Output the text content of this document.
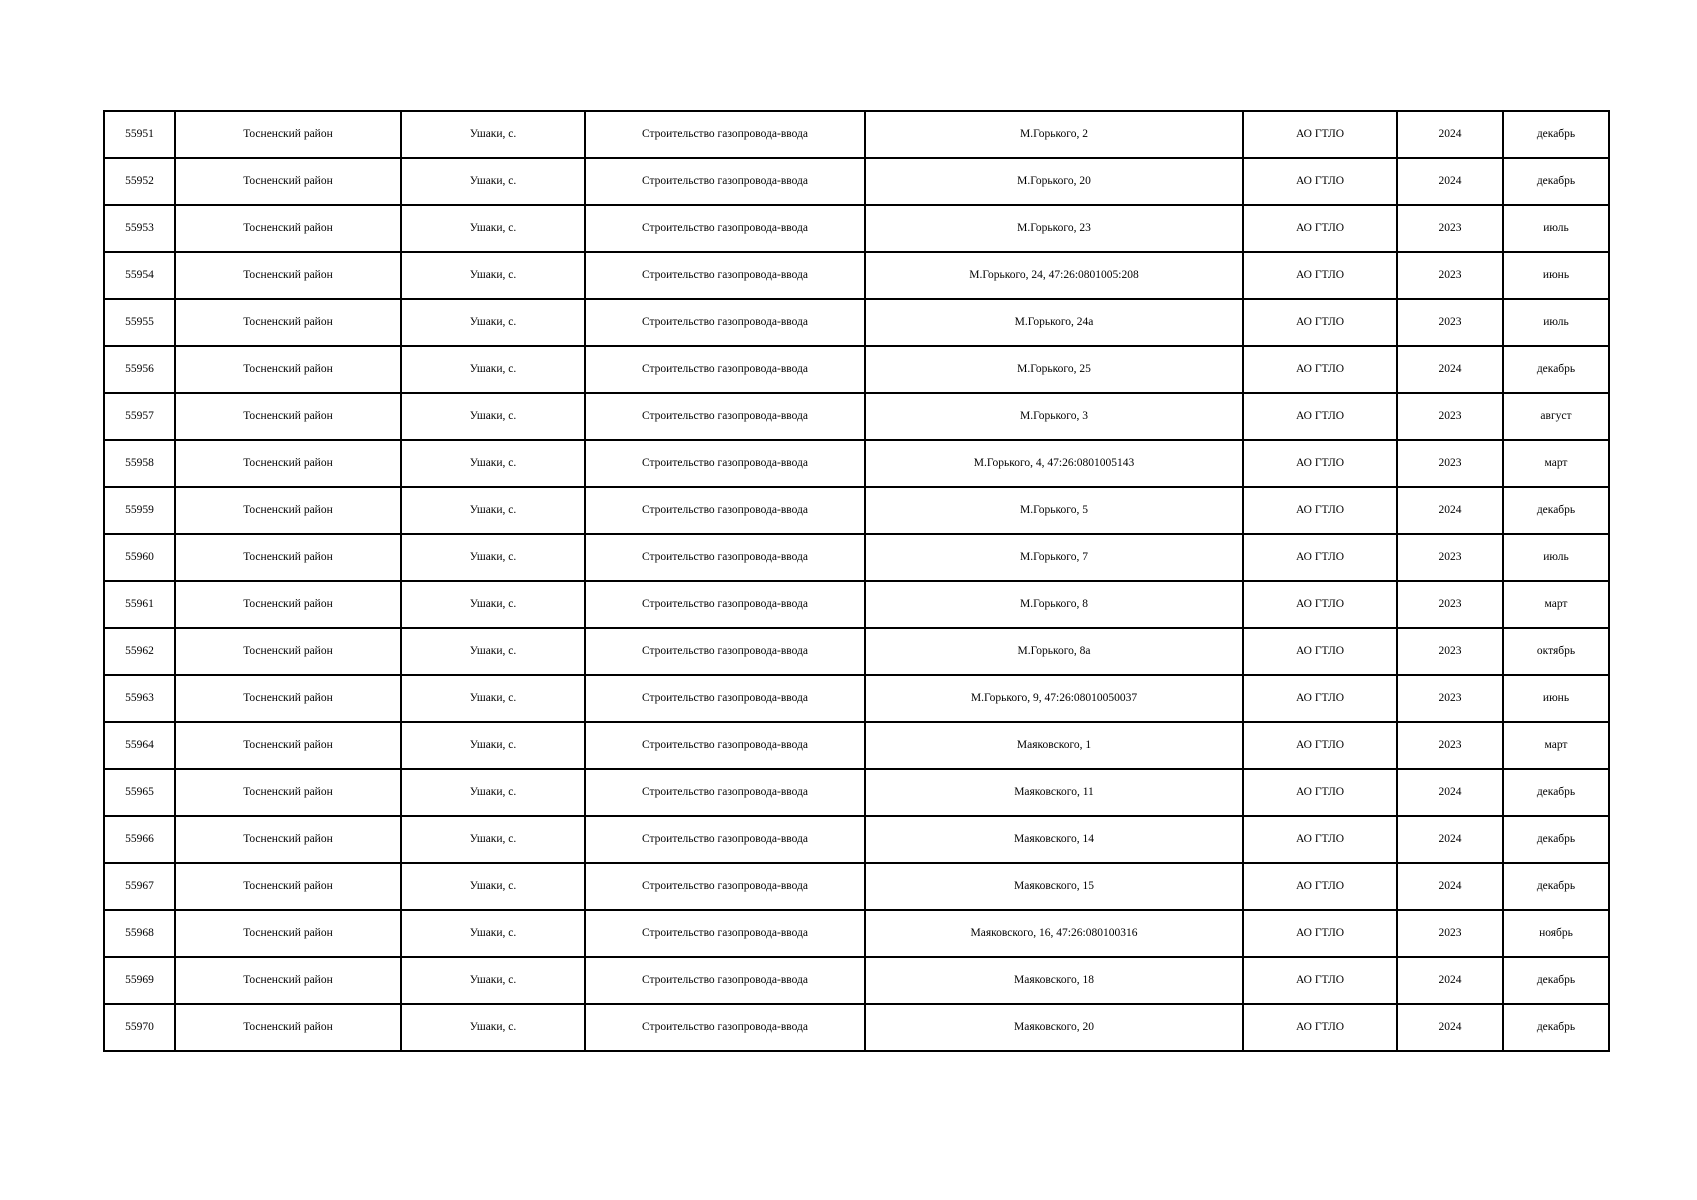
55951	Тосненский район	Ушаки, с.	Строительство газопровода-ввода	М.Горького, 2	АО ГТЛО	2024	декабрь
55952	Тосненский район	Ушаки, с.	Строительство газопровода-ввода	М.Горького, 20	АО ГТЛО	2024	декабрь
55953	Тосненский район	Ушаки, с.	Строительство газопровода-ввода	М.Горького, 23	АО ГТЛО	2023	июль
55954	Тосненский район	Ушаки, с.	Строительство газопровода-ввода	М.Горького, 24, 47:26:0801005:208	АО ГТЛО	2023	июнь
55955	Тосненский район	Ушаки, с.	Строительство газопровода-ввода	М.Горького, 24а	АО ГТЛО	2023	июль
55956	Тосненский район	Ушаки, с.	Строительство газопровода-ввода	М.Горького, 25	АО ГТЛО	2024	декабрь
55957	Тосненский район	Ушаки, с.	Строительство газопровода-ввода	М.Горького, 3	АО ГТЛО	2023	август
55958	Тосненский район	Ушаки, с.	Строительство газопровода-ввода	М.Горького, 4, 47:26:0801005143	АО ГТЛО	2023	март
55959	Тосненский район	Ушаки, с.	Строительство газопровода-ввода	М.Горького, 5	АО ГТЛО	2024	декабрь
55960	Тосненский район	Ушаки, с.	Строительство газопровода-ввода	М.Горького, 7	АО ГТЛО	2023	июль
55961	Тосненский район	Ушаки, с.	Строительство газопровода-ввода	М.Горького, 8	АО ГТЛО	2023	март
55962	Тосненский район	Ушаки, с.	Строительство газопровода-ввода	М.Горького, 8а	АО ГТЛО	2023	октябрь
55963	Тосненский район	Ушаки, с.	Строительство газопровода-ввода	М.Горького, 9, 47:26:08010050037	АО ГТЛО	2023	июнь
55964	Тосненский район	Ушаки, с.	Строительство газопровода-ввода	Маяковского, 1	АО ГТЛО	2023	март
55965	Тосненский район	Ушаки, с.	Строительство газопровода-ввода	Маяковского, 11	АО ГТЛО	2024	декабрь
55966	Тосненский район	Ушаки, с.	Строительство газопровода-ввода	Маяковского, 14	АО ГТЛО	2024	декабрь
55967	Тосненский район	Ушаки, с.	Строительство газопровода-ввода	Маяковского, 15	АО ГТЛО	2024	декабрь
55968	Тосненский район	Ушаки, с.	Строительство газопровода-ввода	Маяковского, 16, 47:26:080100316	АО ГТЛО	2023	ноябрь
55969	Тосненский район	Ушаки, с.	Строительство газопровода-ввода	Маяковского, 18	АО ГТЛО	2024	декабрь
55970	Тосненский район	Ушаки, с.	Строительство газопровода-ввода	Маяковского, 20	АО ГТЛО	2024	декабрь
